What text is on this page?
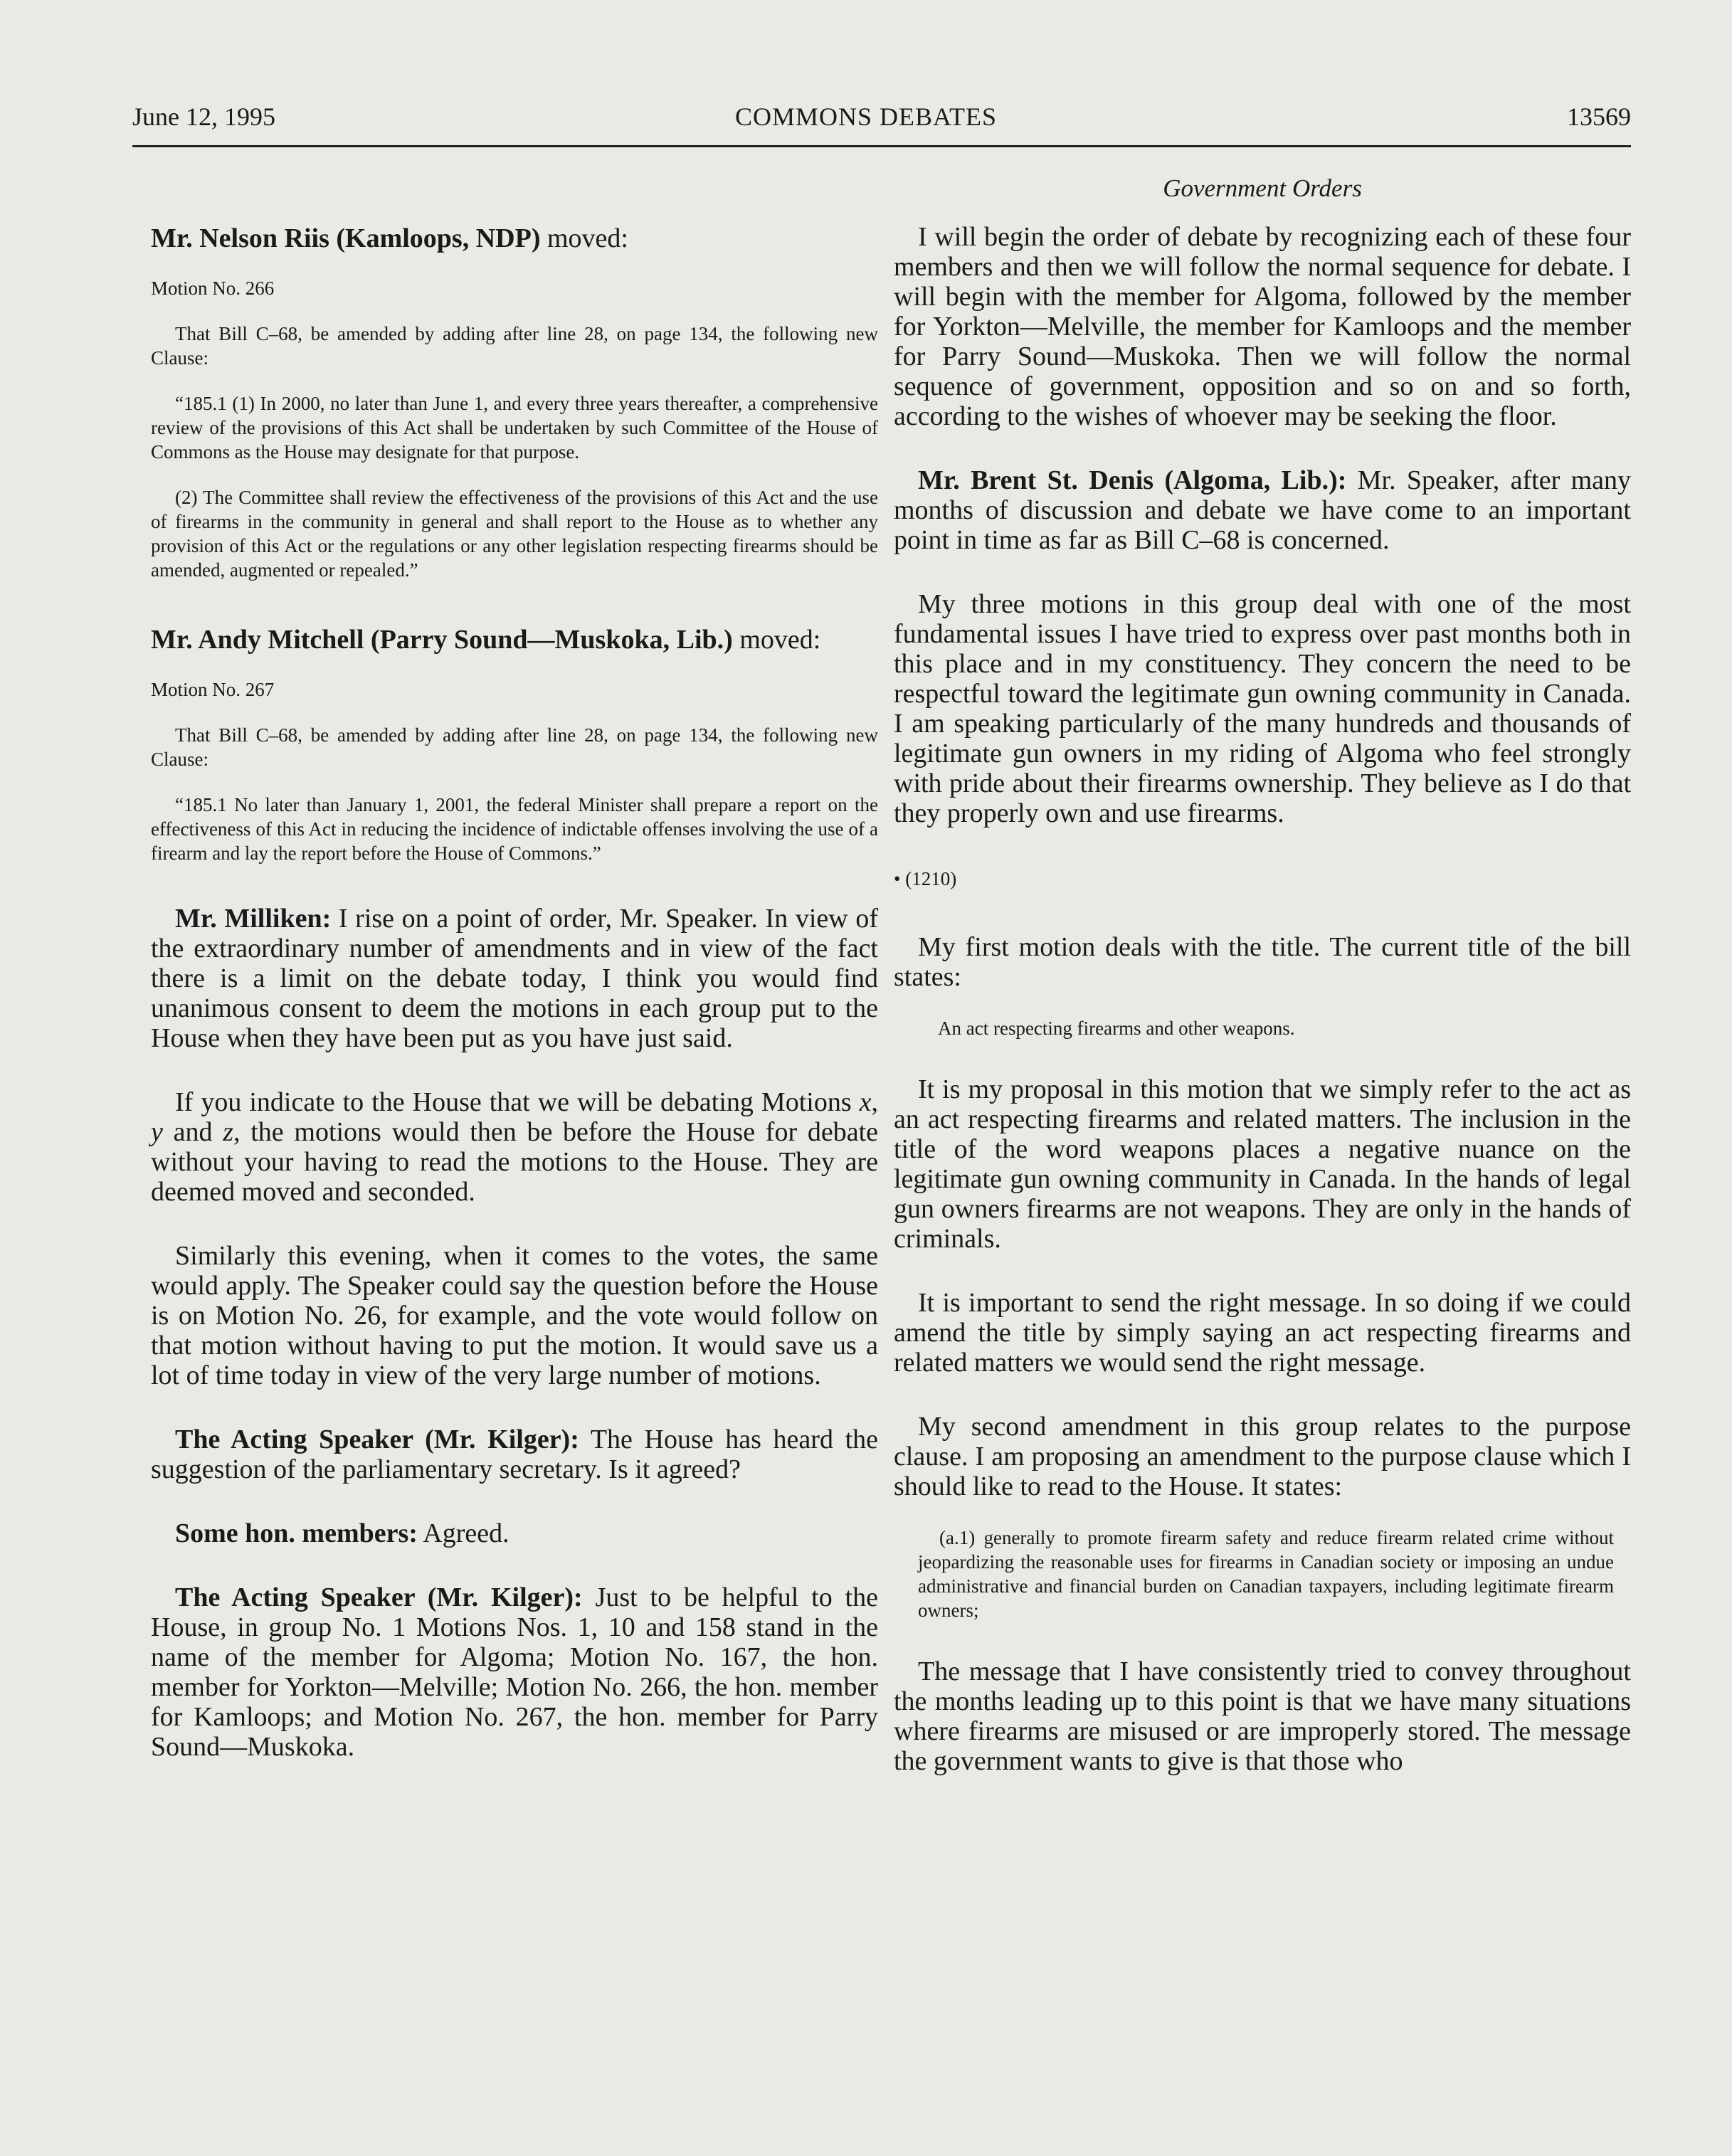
June 12, 1995	COMMONS DEBATES	13569
Mr. Nelson Riis (Kamloops, NDP) moved:
Motion No. 266
That Bill C–68, be amended by adding after line 28, on page 134, the following new Clause:
“185.1 (1) In 2000, no later than June 1, and every three years thereafter, a comprehensive review of the provisions of this Act shall be undertaken by such Committee of the House of Commons as the House may designate for that purpose.
(2) The Committee shall review the effectiveness of the provisions of this Act and the use of firearms in the community in general and shall report to the House as to whether any provision of this Act or the regulations or any other legislation respecting firearms should be amended, augmented or repealed.”
Mr. Andy Mitchell (Parry Sound—Muskoka, Lib.) moved:
Motion No. 267
That Bill C–68, be amended by adding after line 28, on page 134, the following new Clause:
“185.1 No later than January 1, 2001, the federal Minister shall prepare a report on the effectiveness of this Act in reducing the incidence of indictable offenses involving the use of a firearm and lay the report before the House of Commons.”

Mr. Milliken: I rise on a point of order, Mr. Speaker. In view of the extraordinary number of amendments and in view of the fact there is a limit on the debate today, I think you would find unanimous consent to deem the motions in each group put to the House when they have been put as you have just said.

If you indicate to the House that we will be debating Motions x, y and z, the motions would then be before the House for debate without your having to read the motions to the House. They are deemed moved and seconded.

Similarly this evening, when it comes to the votes, the same would apply. The Speaker could say the question before the House is on Motion No. 26, for example, and the vote would follow on that motion without having to put the motion. It would save us a lot of time today in view of the very large number of motions.

The Acting Speaker (Mr. Kilger): The House has heard the suggestion of the parliamentary secretary. Is it agreed?

Some hon. members: Agreed.

The Acting Speaker (Mr. Kilger): Just to be helpful to the House, in group No. 1 Motions Nos. 1, 10 and 158 stand in the name of the member for Algoma; Motion No. 167, the hon. member for Yorkton—Melville; Motion No. 266, the hon. member for Kamloops; and Motion No. 267, the hon. member for Parry Sound—Muskoka.

Government Orders

I will begin the order of debate by recognizing each of these four members and then we will follow the normal sequence for debate. I will begin with the member for Algoma, followed by the member for Yorkton—Melville, the member for Kamloops and the member for Parry Sound—Muskoka. Then we will follow the normal sequence of government, opposition and so on and so forth, according to the wishes of whoever may be seeking the floor.

Mr. Brent St. Denis (Algoma, Lib.): Mr. Speaker, after many months of discussion and debate we have come to an important point in time as far as Bill C–68 is concerned.

My three motions in this group deal with one of the most fundamental issues I have tried to express over past months both in this place and in my constituency. They concern the need to be respectful toward the legitimate gun owning community in Canada. I am speaking particularly of the many hundreds and thousands of legitimate gun owners in my riding of Algoma who feel strongly with pride about their firearms ownership. They believe as I do that they properly own and use firearms.

• (1210)

My first motion deals with the title. The current title of the bill states:

An act respecting firearms and other weapons.

It is my proposal in this motion that we simply refer to the act as an act respecting firearms and related matters. The inclusion in the title of the word weapons places a negative nuance on the legitimate gun owning community in Canada. In the hands of legal gun owners firearms are not weapons. They are only in the hands of criminals.

It is important to send the right message. In so doing if we could amend the title by simply saying an act respecting firearms and related matters we would send the right message.

My second amendment in this group relates to the purpose clause. I am proposing an amendment to the purpose clause which I should like to read to the House. It states:

(a.1) generally to promote firearm safety and reduce firearm related crime without jeopardizing the reasonable uses for firearms in Canadian society or imposing an undue administrative and financial burden on Canadian taxpayers, including legitimate firearm owners;

The message that I have consistently tried to convey throughout the months leading up to this point is that we have many situations where firearms are misused or are improperly stored. The message the government wants to give is that those who
